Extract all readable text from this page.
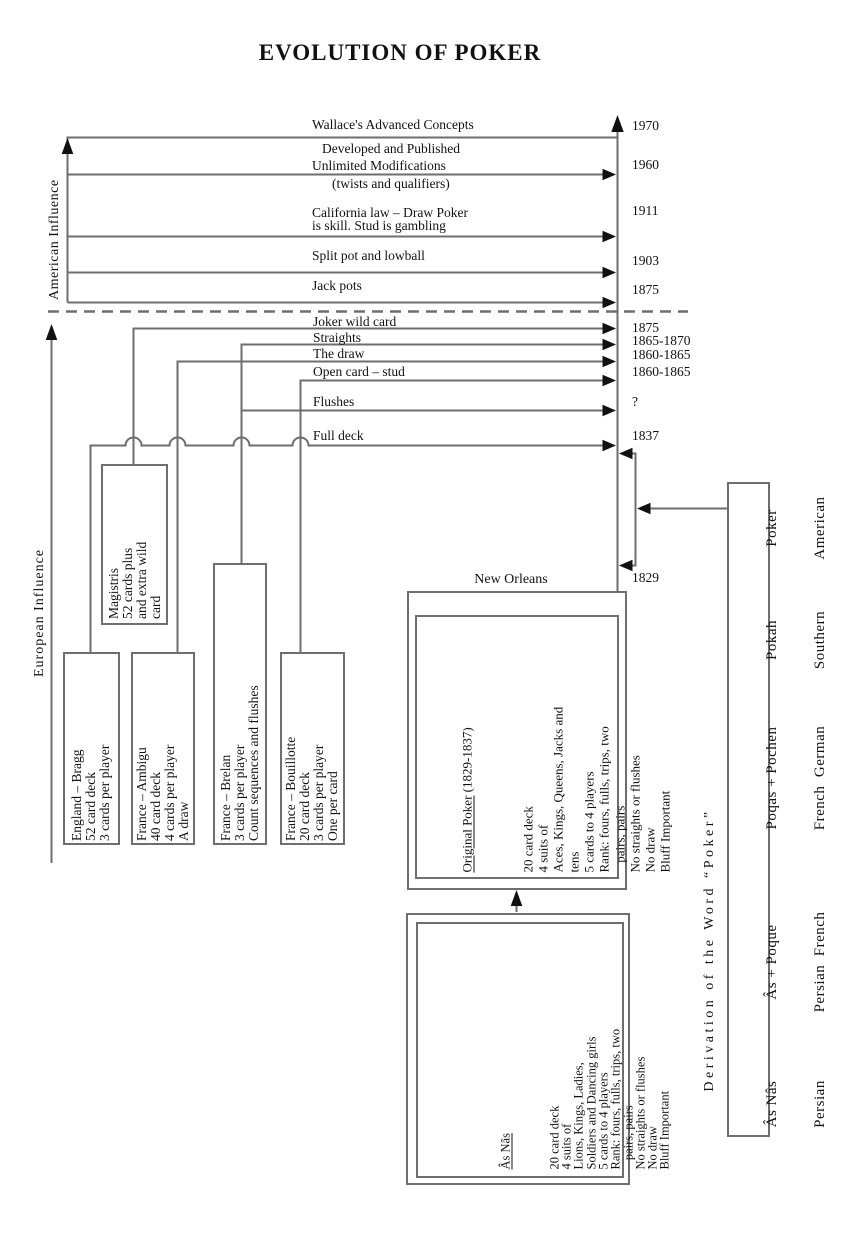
EVOLUTION OF POKER
American Influence
Wallace's Advanced Concepts
Developed and Published
Unlimited Modifications
(twists and qualifiers)
California law – Draw Poker
is skill. Stud is gambling
Split pot and lowball
Jack pots
1970
1960
1911
1903
1875
European Influence
Joker wild card
Straights
The draw
Open card – stud
Flushes
Full deck
1875
1865-1870
1860-1865
1860-1865
?
1837
Magistris 52 cards plus and extra wild card
England – Bragg 52 card deck 3 cards per player France – Ambigu 40 card deck 4 cards per player A draw France – Brelan 3 cards per player Count sequences and flushes France – Bouillotte 20 card deck 3 cards per player One per card
New Orleans	1829

Original Poker (1829-1837)

20 card deck 4 suits of Aces, Kings, Queens, Jacks and tens 5 cards to 4 players Rank: fours, fulls, trips, two pairs, pairs No straights or flushes No draw Bluff Important

Âs Nâs

	20 card deck
4 suits of
Lions, Kings, Ladies,
Soldiers and Dancing girls
5 cards to 4 players
Rank: fours, fulls, trips, two
pairs, pairs
No straights or flushes
No draw
Bluff Important

Derivation of the Word “Poker”

Âs Nâs

Persian

Âs + Poque

Persian  French

Poqas + Pochen

French  German

Pokah

Southern

Poker

American
